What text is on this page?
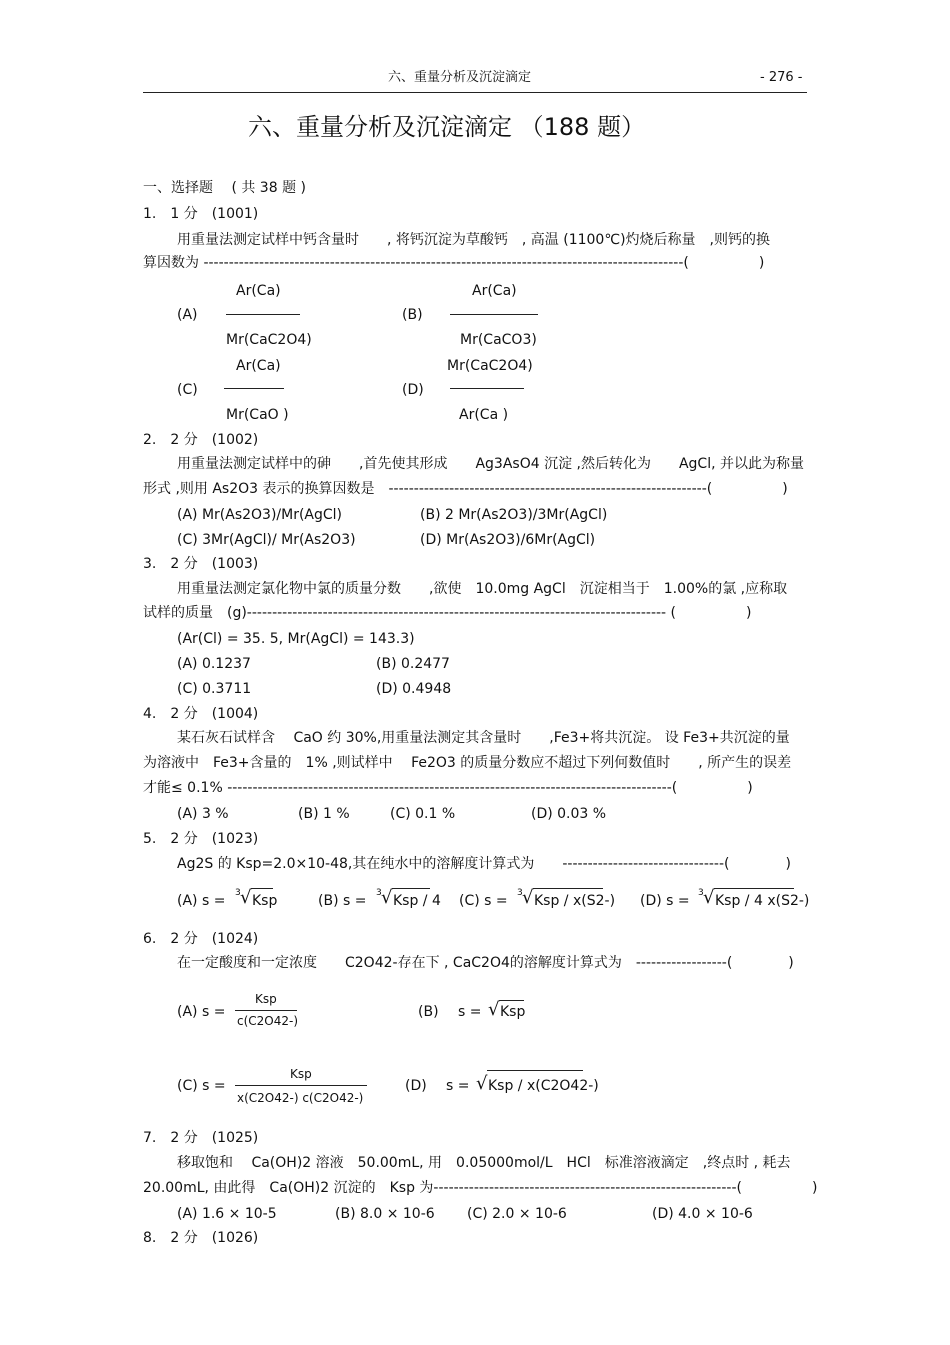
六、重量分析及沉淀滴定	- 276 -
六、重量分析及沉淀滴定 （188 题）
一、选择题　 ( 共 38 题 )
1.　1 分　(1001)
用重量法测定试样中钙含量时　　, 将钙沉淀为草酸钙　, 高温 (1100℃)灼烧后称量　,则钙的换
算因数为 -----------------------------------------------------------------------------------------------(　　　　　)
(A)
Ar(Ca)
Mr(CaC2O4)
(B)
Ar(Ca)
Mr(CaCO3)
(C)
Ar(Ca)
Mr(CaO )
(D)
Mr(CaC2O4)
Ar(Ca )
2.　2 分　(1002)
用重量法测定试样中的砷　　,首先使其形成　　Ag3AsO4 沉淀 ,然后转化为　　AgCl, 并以此为称量
形式 ,则用 As2O3 表示的换算因数是　---------------------------------------------------------------(　　　　　)
(A) Mr(As2O3)/Mr(AgCl)	(B) 2 Mr(As2O3)/3Mr(AgCl)
(C) 3Mr(AgCl)/ Mr(As2O3)	(D) Mr(As2O3)/6Mr(AgCl)
3.　2 分　(1003)
用重量法测定氯化物中氯的质量分数　　,欲使　10.0mg AgCl　沉淀相当于　1.00%的氯 ,应称取
试样的质量　(g)----------------------------------------------------------------------------------- (　　　　　)
(Ar(Cl) = 35. 5, Mr(AgCl) = 143.3)
(A) 0.1237	(B) 0.2477
(C) 0.3711	(D) 0.4948
4.　2 分　(1004)
某石灰石试样含　 CaO 约 30%,用重量法测定其含量时　　,Fe3+将共沉淀。 设 Fe3+共沉淀的量
为溶液中　Fe3+含量的　1% ,则试样中　 Fe2O3 的质量分数应不超过下列何数值时　　, 所产生的误差
才能≤ 0.1% ----------------------------------------------------------------------------------------(　　　　　)
(A) 3 %	(B) 1 %	(C) 0.1 %	(D) 0.03 %
5.　2 分　(1023)
Ag2S 的 Ksp=2.0×10-48,其在纯水中的溶解度计算式为　　--------------------------------(　　　　)
(A) s = 3 √ Ksp	(B) s = 3 √ Ksp / 4 (C) s = 3 √ Ksp / x(S2-) (D) s = 3 √ Ksp / 4 x(S2-)
6.　2 分　(1024)
在一定酸度和一定浓度　　C2O42-存在下 , CaC2O4的溶解度计算式为　------------------(　　　　)
(A) s =
Ksp
c(C2O42-)
(B) s = √ Ksp
(C) s =
Ksp
x(C2O42-) c(C2O42-)
(D) s = √ Ksp / x(C2O42-)
7.　2 分　(1025)
移取饱和　 Ca(OH)2 溶液　50.00mL, 用　0.05000mol/L　HCl　标准溶液滴定　,终点时 , 耗去
20.00mL, 由此得　Ca(OH)2 沉淀的　Ksp 为------------------------------------------------------------(　　　　　)
(A) 1.6 × 10-5	(B) 8.0 × 10-6 (C) 2.0 × 10-6	(D) 4.0 × 10-6
8.　2 分　(1026)
